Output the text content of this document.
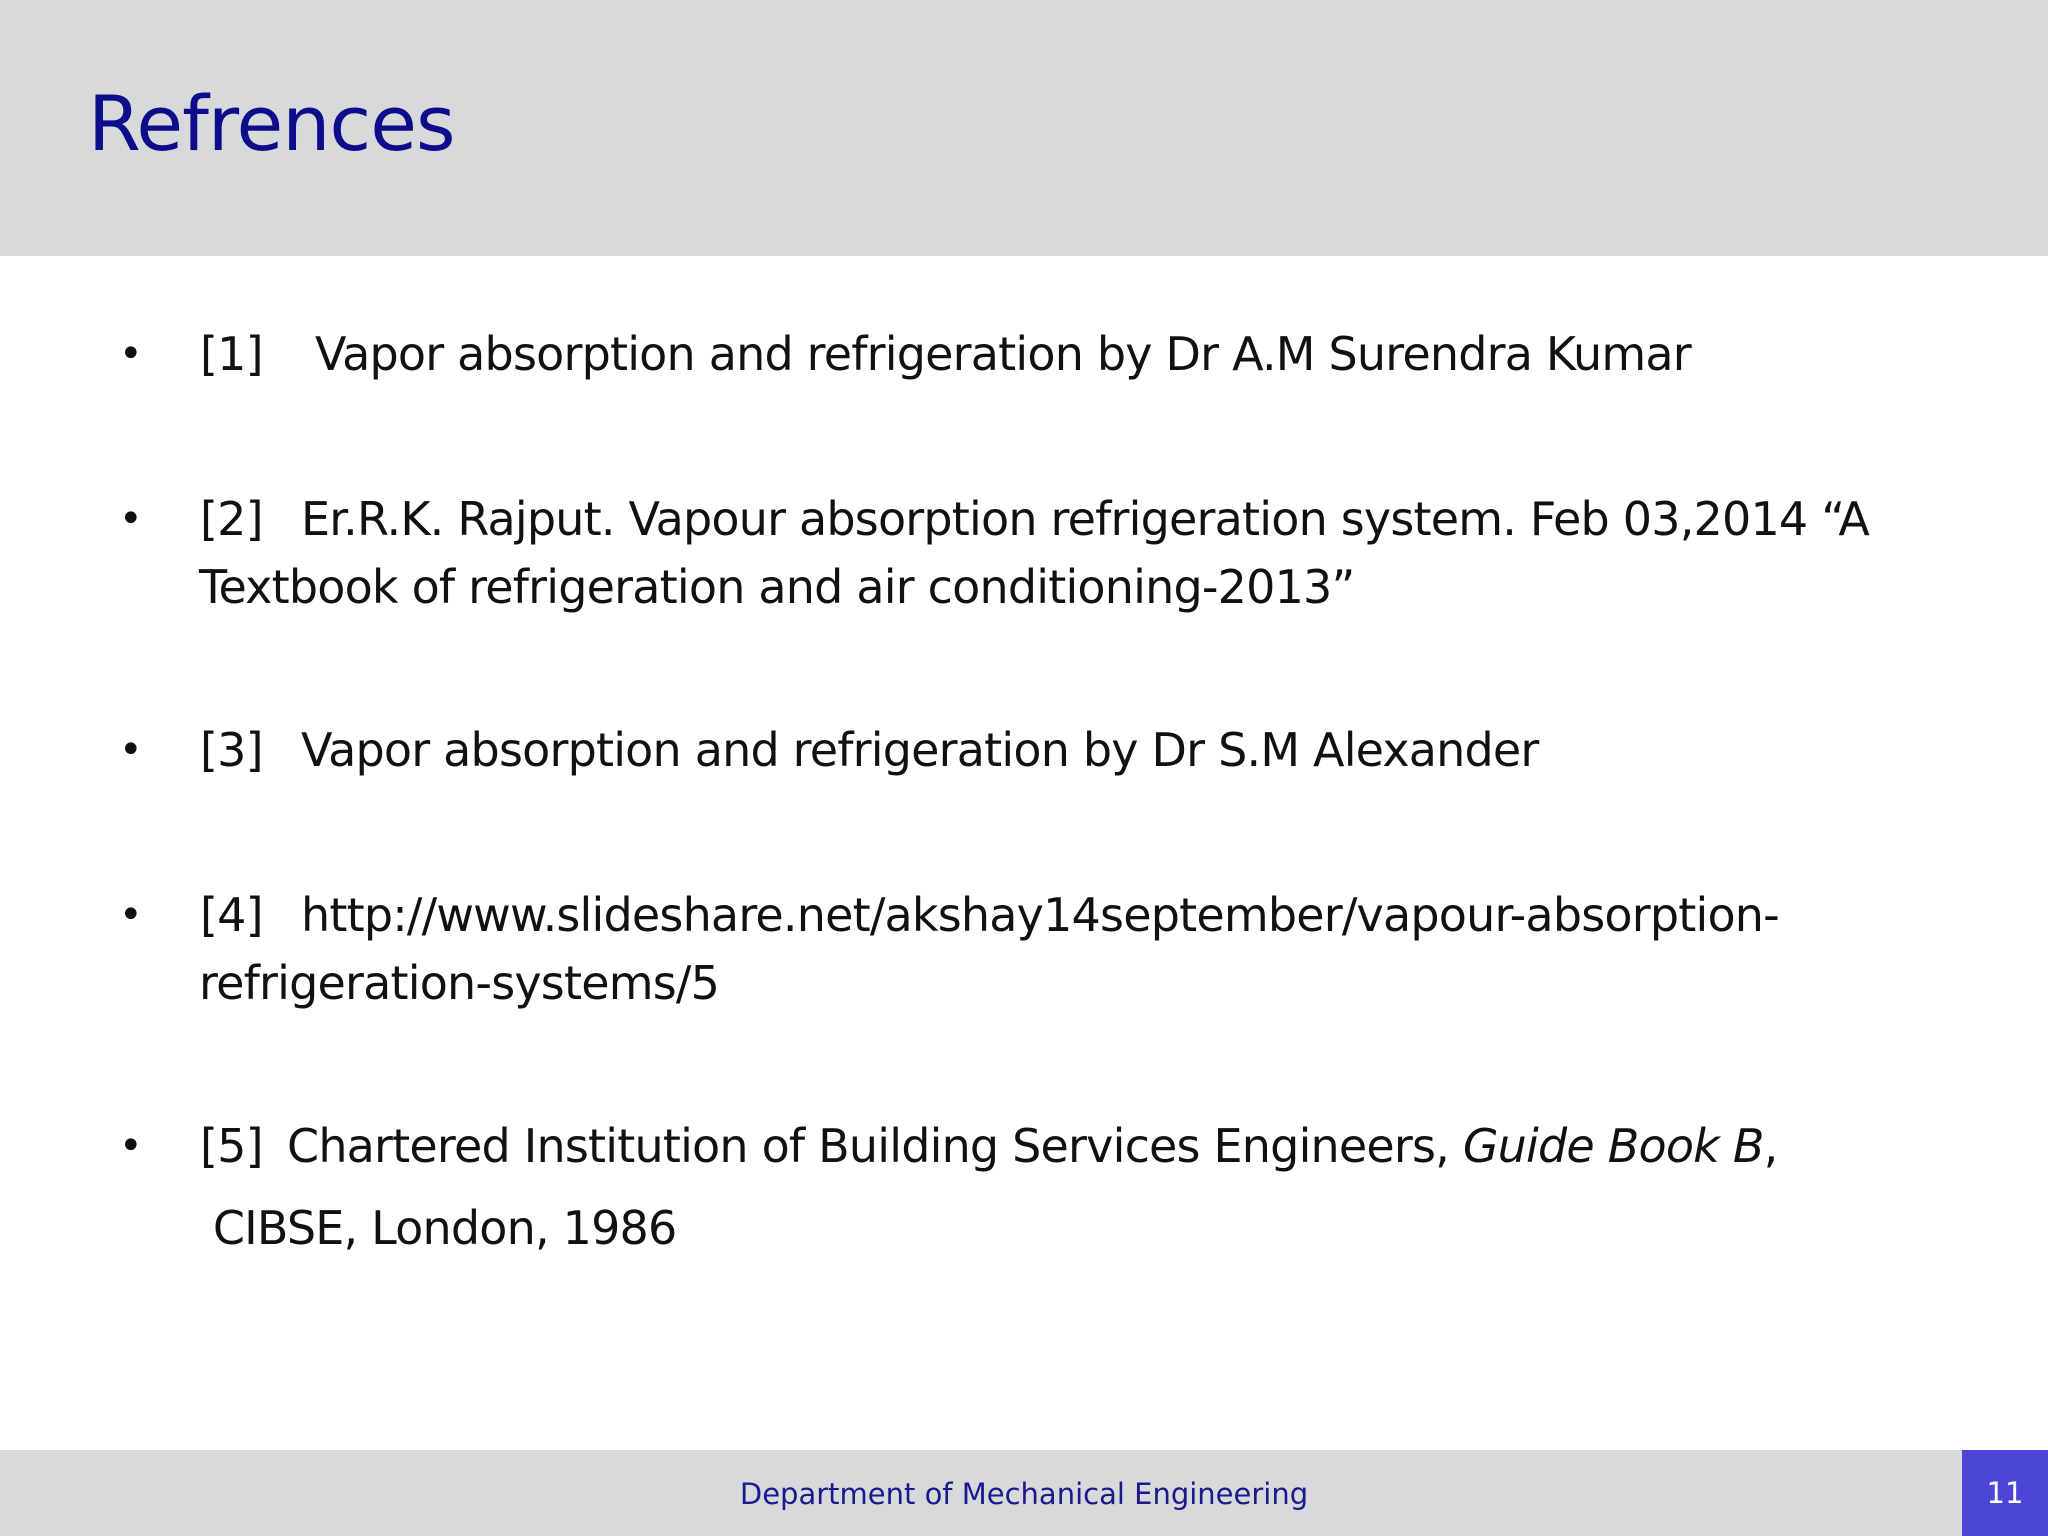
Refrences
• [1] Vapor absorption and refrigeration by Dr A.M Surendra Kumar
• [2] Er.R.K. Rajput. Vapour absorption refrigeration system. Feb 03,2014 “A
Textbook of refrigeration and air conditioning-2013”
• [3] Vapor absorption and refrigeration by Dr S.M Alexander
• [4] http://www.slideshare.net/akshay14september/vapour-absorption-
refrigeration-systems/5
• [5] Chartered Institution of Building Services Engineers, Guide Book B,
CIBSE, London, 1986
Department of Mechanical Engineering	11
